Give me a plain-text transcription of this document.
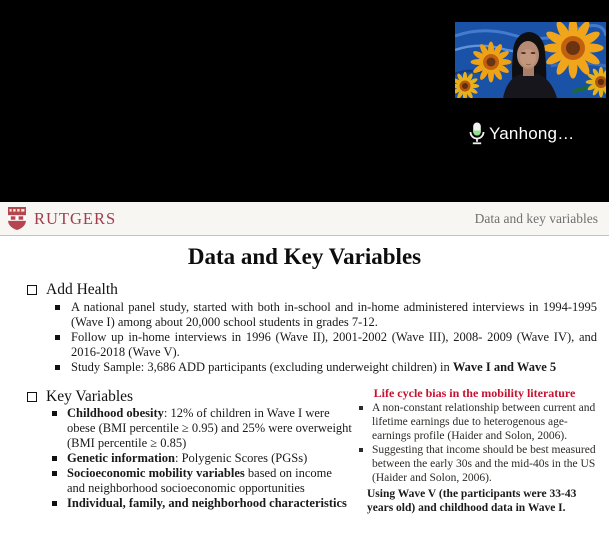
Yanhong…
RUTGERS	Data and key variables
Data and Key Variables
Add Health
A national panel study, started with both in-school and in-home administered interviews in 1994-1995 (Wave I) among about 20,000 school students in grades 7-12.
Follow up in-home interviews in 1996 (Wave II), 2001-2002 (Wave III), 2008- 2009 (Wave IV), and 2016-2018 (Wave V).
Study Sample: 3,686 ADD participants (excluding underweight children) in Wave I and Wave 5
Key Variables
Childhood obesity: 12% of children in Wave I were obese (BMI percentile ≥ 0.95) and 25% were overweight (BMI percentile ≥ 0.85)
Genetic information: Polygenic Scores (PGSs)
Socioeconomic mobility variables based on income and neighborhood socioeconomic opportunities
Individual, family, and neighborhood characteristics
Life cycle bias in the mobility literature
A non-constant relationship between current and lifetime earnings due to heterogenous age-earnings profile (Haider and Solon, 2006).
Suggesting that income should be best measured between the early 30s and the mid-40s in the US (Haider and Solon, 2006).
Using Wave V (the participants were 33-43 years old) and childhood data in Wave I.
